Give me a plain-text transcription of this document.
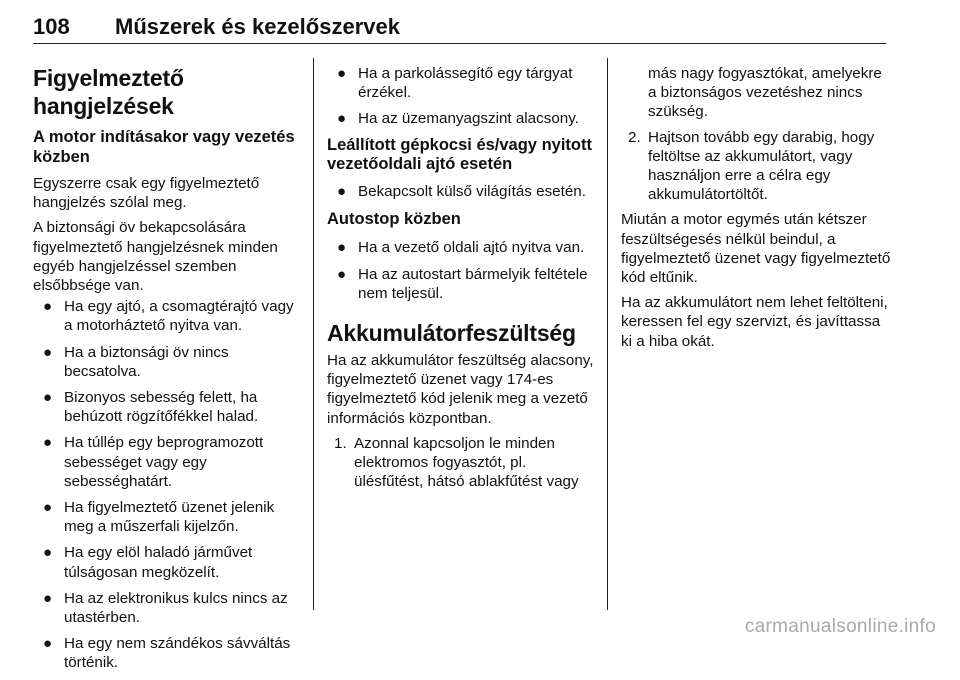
108	Műszerek és kezelőszervek
Figyelmeztető hangjelzések
A motor indításakor vagy vezetés közben

Egyszerre csak egy figyelmeztető hangjelzés szólal meg.

A biztonsági öv bekapcsolására figyelmeztető hangjelzésnek minden egyéb hangjelzéssel szemben elsőbbsége van.

● Ha egy ajtó, a csomagtérajtó vagy a motorháztető nyitva van.
● Ha a biztonsági öv nincs becsatolva.
● Bizonyos sebesség felett, ha behúzott rögzítőfékkel halad.
● Ha túllép egy beprogramozott sebességet vagy egy sebességhatárt.
● Ha figyelmeztető üzenet jelenik meg a műszerfali kijelzőn.
● Ha egy elöl haladó járművet túlságosan megközelít.
● Ha az elektronikus kulcs nincs az utastérben.
● Ha egy nem szándékos sávváltás történik.
● Ha a parkolássegítő egy tárgyat érzékel.
● Ha az üzemanyagszint alacsony.
Leállított gépkocsi és/vagy nyitott vezetőoldali ajtó esetén
● Bekapcsolt külső világítás esetén.
Autostop közben
● Ha a vezető oldali ajtó nyitva van.
● Ha az autostart bármelyik feltétele nem teljesül.
Akkumulátorfeszültség

Ha az akkumulátor feszültség alacsony, figyelmeztető üzenet vagy 174-es figyelmeztető kód jelenik meg a vezető információs központban.

1. Azonnal kapcsoljon le minden elektromos fogyasztót, pl. ülésfűtést, hátsó ablakfűtést vagy
más nagy fogyasztókat, amelyekre a biztonságos vezetéshez nincs szükség.
2. Hajtson tovább egy darabig, hogy feltöltse az akkumulátort, vagy használjon erre a célra egy akkumulátortöltőt.

Miután a motor egymés után kétszer feszültségesés nélkül beindul, a figyelmeztető üzenet vagy figyelmeztető kód eltűnik.

Ha az akkumulátort nem lehet feltölteni, keressen fel egy szervizt, és javíttassa ki a hiba okát.

carmanualsonline.info
